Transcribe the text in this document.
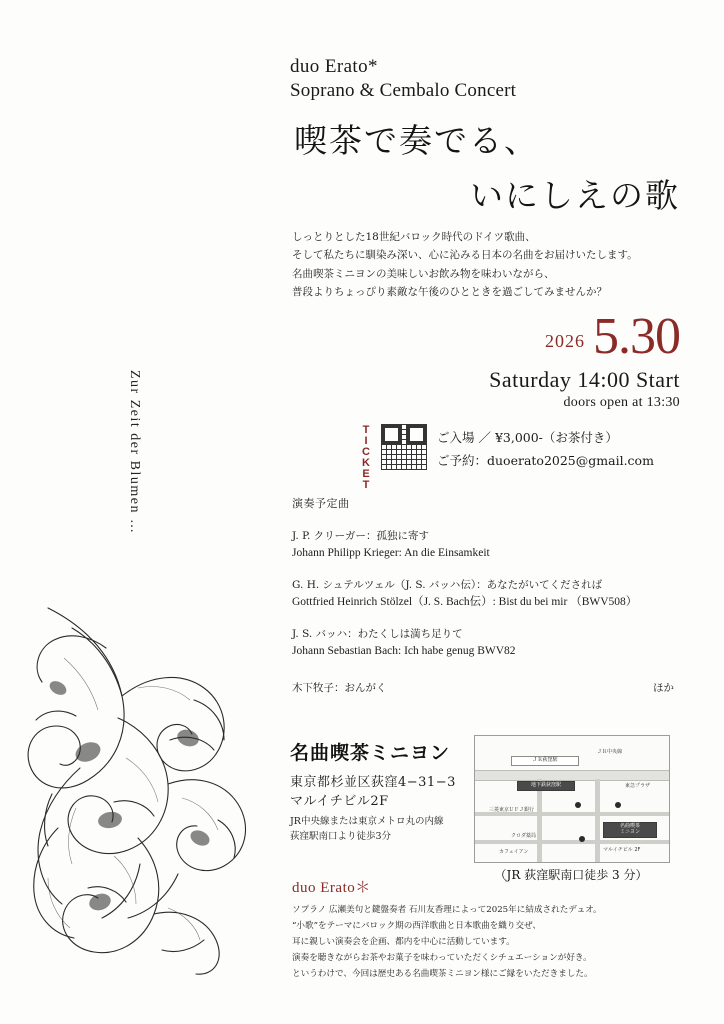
duo Erato*
Soprano & Cembalo Concert
喫茶で奏でる、
いにしえの歌
しっとりとした18世紀バロック時代のドイツ歌曲、
そして私たちに馴染み深い、心に沁みる日本の名曲をお届けいたします。
名曲喫茶ミニヨンの美味しいお飲み物を味わいながら、
普段よりちょっぴり素敵な午後のひとときを過ごしてみませんか？
2026 5.30
Saturday 14:00 Start
doors open at 13:30
TICKET	ご入場 ／ ¥3,000-（お茶付き）
ご予約：duoerato2025@gmail.com
演奏予定曲
J. P. クリーガー：孤独に寄す
Johann Philipp Krieger: An die Einsamkeit
G. H. シュテルツェル（J. S. バッハ伝）：あなたがいてくだされば
Gottfried Heinrich Stölzel（J. S. Bach伝）: Bist du bei mir （BWV508）
J. S. バッハ：わたくしは満ち足りて
Johann Sebastian Bach: Ich habe genug BWV82
木下牧子：おんがく	ほか
名曲喫茶ミニヨン
東京都杉並区荻窪4−31−3
マルイチビル2F
JR中央線または東京メトロ丸の内線
荻窪駅南口より徒歩3分
ＪＲ荻窪駅
ＪＲ中央線
地下鉄荻窪駅	東急プラザ
三菱東京ＵＦＪ銀行
クロダ薬局
カフェイアン
名曲喫茶
ミニヨン
マルイチビル 2F
（JR 荻窪駅南口徒歩 3 分）
duo Erato＊
ソプラノ 広瀬美句と鍵盤奏者 石川友香理によって2025年に結成されたデュオ。
“小歌”をテーマにバロック期の西洋歌曲と日本歌曲を織り交ぜ、
耳に親しい演奏会を企画、都内を中心に活動しています。
演奏を聴きながらお茶やお菓子を味わっていただくシチュエーションが好き。
というわけで、今回は歴史ある名曲喫茶ミニヨン様にご縁をいただきました。
Zur Zeit der Blumen …
